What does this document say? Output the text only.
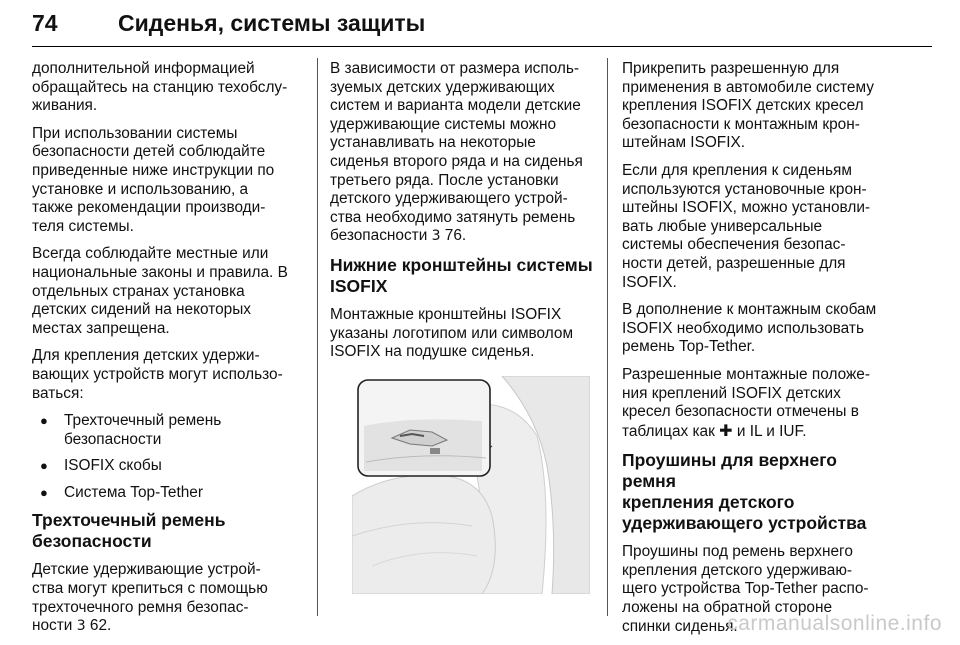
74	Сиденья, системы защиты

дополнительной информацией
обращайтесь на станцию техобслу-
живания.

При использовании системы
безопасности детей соблюдайте
приведенные ниже инструкции по
установке и использованию, а
также рекомендации производи-
теля системы.

Всегда соблюдайте местные или
национальные законы и правила. В
отдельных странах установка
детских сидений на некоторых
местах запрещена.

Для крепления детских удержи-
вающих устройств могут использо-
ваться:

● Трехточечный ремень
безопасности
● ISOFIX скобы
● Система Top-Tether
Трехточечный ремень
безопасности

Детские удерживающие устрой-
ства могут крепиться с помощью
трехточечного ремня безопас-
ности 3 62.

В зависимости от размера исполь-
зуемых детских удерживающих
систем и варианта модели детские
удерживающие системы можно
устанавливать на некоторые
сиденья второго ряда и на сиденья
третьего ряда. После установки
детского удерживающего устрой-
ства необходимо затянуть ремень
безопасности 3 76.

Нижние кронштейны системы
ISOFIX

Монтажные кронштейны ISOFIX
указаны логотипом или символом
ISOFIX на подушке сиденья.

Прикрепить разрешенную для
применения в автомобиле систему
крепления ISOFIX детских кресел
безопасности к монтажным крон-
штейнам ISOFIX.

Если для крепления к сиденьям
используются установочные крон-
штейны ISOFIX, можно установли-
вать любые универсальные
системы обеспечения безопас-
ности детей, разрешенные для
ISOFIX.

В дополнение к монтажным скобам
ISOFIX необходимо использовать
ремень Top-Tether.

Разрешенные монтажные положе-
ния креплений ISOFIX детских
кресел безопасности отмечены в
таблицах как ✚ и IL и IUF.

Проушины для верхнего ремня
крепления детского
удерживающего устройства

Проушины под ремень верхнего
крепления детского удерживаю-
щего устройства Top-Tether распо-
ложены на обратной стороне
спинки сиденья.

carmanualsonline.info
